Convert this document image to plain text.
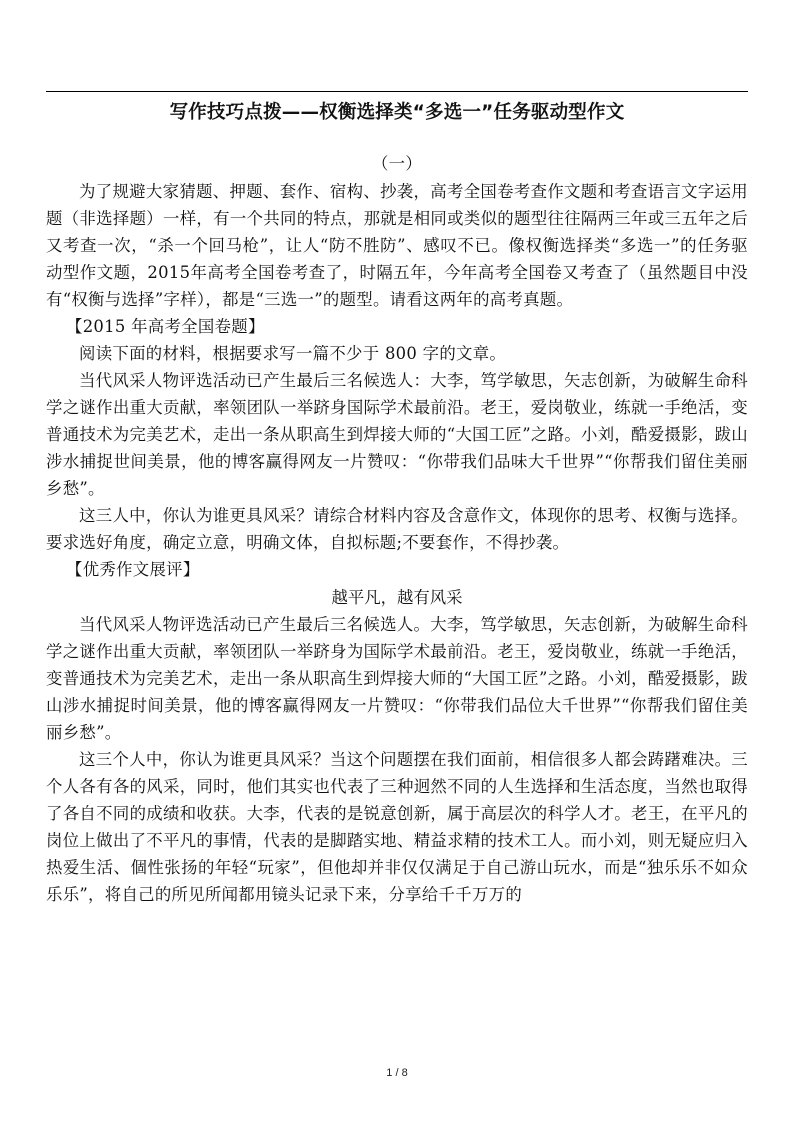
写作技巧点拨——权衡选择类“多选一”任务驱动型作文

（一）

为了规避大家猜题、押题、套作、宿构、抄袭，高考全国卷考查作文题和考查语言文字运用题（非选择题）一样，有一个共同的特点，那就是相同或类似的题型往往隔两三年或三五年之后又考查一次，“杀一个回马枪”，让人“防不胜防”、感叹不已。像权衡选择类“多选一”的任务驱动型作文题，2015年高考全国卷考查了，时隔五年，今年高考全国卷又考查了（虽然题目中没有“权衡与选择”字样），都是“三选一”的题型。请看这两年的高考真题。

【2015 年高考全国卷题】

阅读下面的材料，根据要求写一篇不少于 800 字的文章。

当代风采人物评选活动已产生最后三名候选人：大李，笃学敏思，矢志创新，为破解生命科学之谜作出重大贡献，率领团队一举跻身国际学术最前沿。老王，爱岗敬业，练就一手绝活，变普通技术为完美艺术，走出一条从职高生到焊接大师的“大国工匠”之路。小刘，酷爱摄影，跋山涉水捕捉世间美景，他的博客赢得网友一片赞叹：“你带我们品味大千世界”“你帮我们留住美丽乡愁”。

这三人中，你认为谁更具风采？请综合材料内容及含意作文，体现你的思考、权衡与选择。要求选好角度，确定立意，明确文体，自拟标题;不要套作，不得抄袭。

【优秀作文展评】

越平凡，越有风采

当代风采人物评选活动已产生最后三名候选人。大李，笃学敏思，矢志创新，为破解生命科学之谜作出重大贡献，率领团队一举跻身为国际学术最前沿。老王，爱岗敬业，练就一手绝活，变普通技术为完美艺术，走出一条从职高生到焊接大师的“大国工匠”之路。小刘，酷爱摄影，跋山涉水捕捉时间美景，他的博客赢得网友一片赞叹：“你带我们品位大千世界”“你帮我们留住美丽乡愁”。

这三个人中，你认为谁更具风采？当这个问题摆在我们面前，相信很多人都会踌躇难决。三个人各有各的风采，同时，他们其实也代表了三种迥然不同的人生选择和生活态度，当然也取得了各自不同的成绩和收获。大李，代表的是锐意创新，属于高层次的科学人才。老王，在平凡的岗位上做出了不平凡的事情，代表的是脚踏实地、精益求精的技术工人。而小刘，则无疑应归入热爱生活、個性张扬的年轻“玩家”，但他却并非仅仅满足于自己游山玩水，而是“独乐乐不如众乐乐”，将自己的所见所闻都用镜头记录下来，分享给千千万万的

1 / 8
